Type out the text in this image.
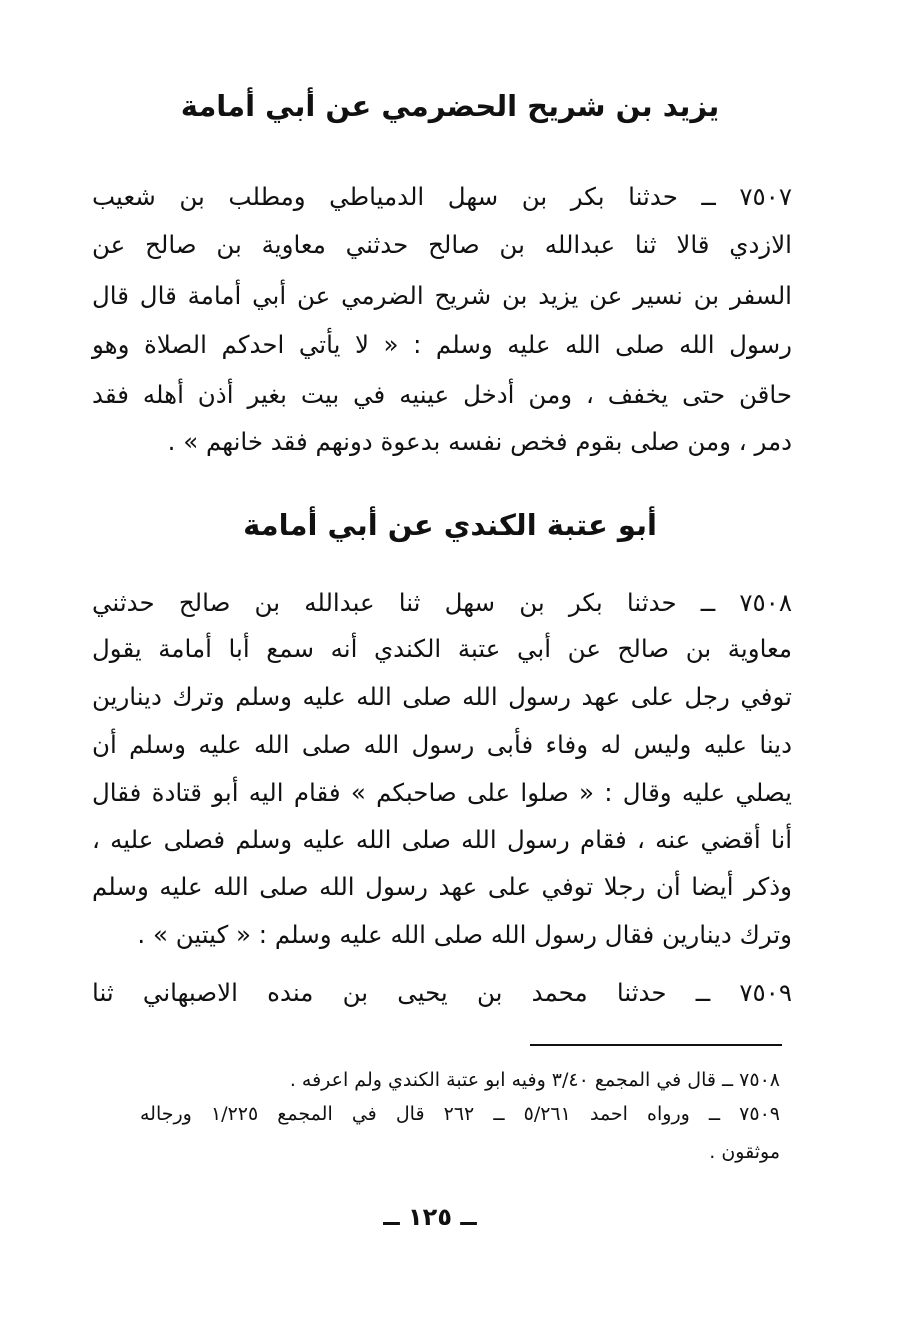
يزيد بن شريح الحضرمي عن أبي أمامة
٧٥٠٧ ــ حدثنا بكر بن سهل الدمياطي ومطلب بن شعيب
الازدي قالا ثنا عبدالله بن صالح حدثني معاوية بن صالح عن
السفر بن نسير عن يزيد بن شريح الضرمي عن أبي أمامة قال قال
رسول الله صلى الله عليه وسلم : « لا يأتي احدكم الصلاة وهو
حاقن حتى يخفف ، ومن أدخل عينيه في بيت بغير أذن أهله فقد
دمر ، ومن صلى بقوم فخص نفسه بدعوة دونهم فقد خانهم » .
أبو عتبة الكندي عن أبي أمامة
٧٥٠٨ ــ حدثنا بكر بن سهل ثنا عبدالله بن صالح حدثني
معاوية بن صالح عن أبي عتبة الكندي أنه سمع أبا أمامة يقول
توفي رجل على عهد رسول الله صلى الله عليه وسلم وترك دينارين
دينا عليه وليس له وفاء فأبى رسول الله صلى الله عليه وسلم أن
يصلي عليه وقال : « صلوا على صاحبكم » فقام اليه أبو قتادة فقال
أنا أقضي عنه ، فقام رسول الله صلى الله عليه وسلم فصلى عليه ،
وذكر أيضا أن رجلا توفي على عهد رسول الله صلى الله عليه وسلم
وترك دينارين فقال رسول الله صلى الله عليه وسلم : « كيتين » .
٧٥٠٩ ــ حدثنا محمد بن يحيى بن منده الاصبهاني ثنا
٧٥٠٨ ــ قال في المجمع ٣/٤٠ وفيه ابو عتبة الكندي ولم اعرفه .
٧٥٠٩ ــ ورواه احمد ٥/٢٦١ ــ ٢٦٢ قال في المجمع ١/٢٢٥ ورجاله
موثقون .
ــ ١٢٥ ــ
